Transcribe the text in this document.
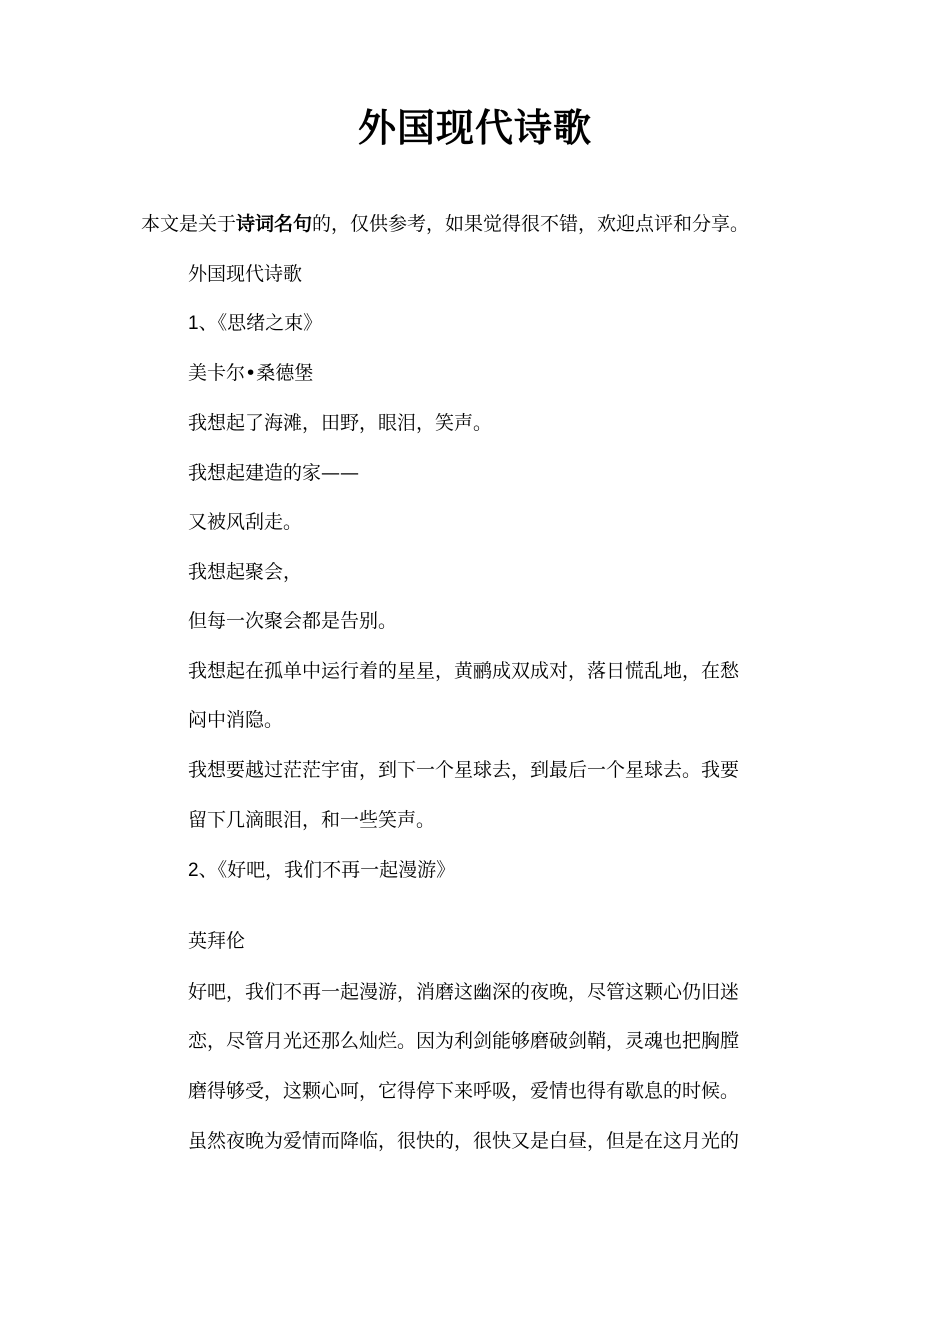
外国现代诗歌
本文是关于诗词名句的，仅供参考，如果觉得很不错，欢迎点评和分享。
外国现代诗歌
1、《思绪之束》
美卡尔•桑德堡
我想起了海滩，田野，眼泪，笑声。
我想起建造的家——
又被风刮走。
我想起聚会，
但每一次聚会都是告别。
我想起在孤单中运行着的星星，黄鹂成双成对，落日慌乱地，在愁
闷中消隐。
我想要越过茫茫宇宙，到下一个星球去，到最后一个星球去。我要
留下几滴眼泪，和一些笑声。
2、《好吧，我们不再一起漫游》
英拜伦
好吧，我们不再一起漫游，消磨这幽深的夜晚，尽管这颗心仍旧迷
恋，尽管月光还那么灿烂。因为利剑能够磨破剑鞘，灵魂也把胸膛
磨得够受，这颗心呵，它得停下来呼吸，爱情也得有歇息的时候。
虽然夜晚为爱情而降临，很快的，很快又是白昼，但是在这月光的
